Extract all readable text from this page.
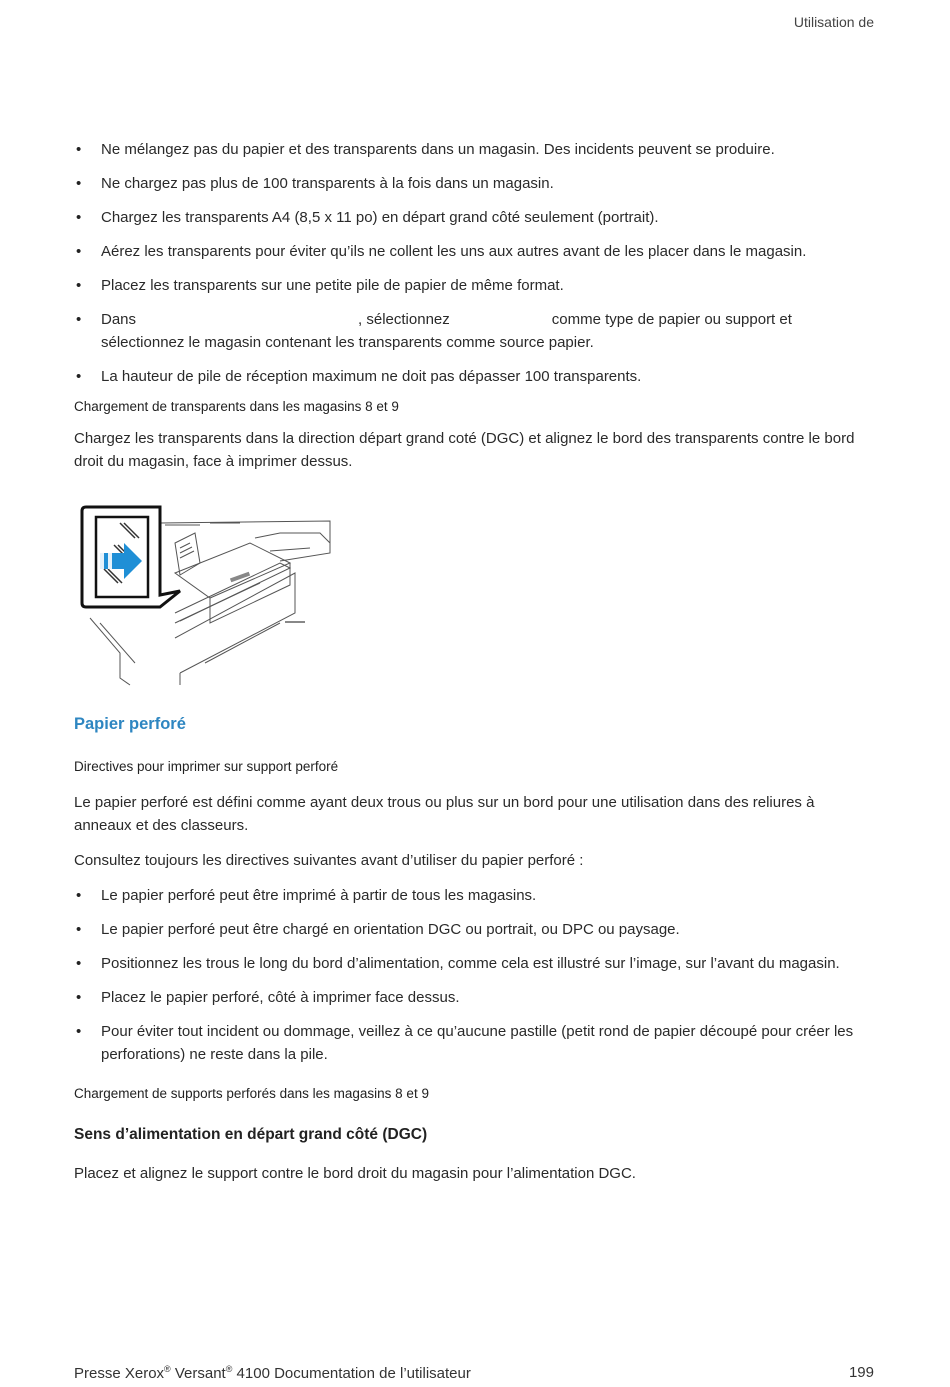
Utilisation de
• Ne mélangez pas du papier et des transparents dans un magasin. Des incidents peuvent se produire.
• Ne chargez pas plus de 100 transparents à la fois dans un magasin.
• Chargez les transparents A4 (8,5 x 11 po) en départ grand côté seulement (portrait).
• Aérez les transparents pour éviter qu’ils ne collent les uns aux autres avant de les placer dans le magasin.
• Placez les transparents sur une petite pile de papier de même format.
• Dans	, sélectionnez	comme type de papier ou support et sélectionnez le magasin contenant les transparents comme source papier.
• La hauteur de pile de réception maximum ne doit pas dépasser 100 transparents.
Chargement de transparents dans les magasins 8 et 9

Chargez les transparents dans la direction départ grand coté (DGC) et alignez le bord des transparents contre le bord droit du magasin, face à imprimer dessus.

Papier perforé
Directives pour imprimer sur support perforé

Le papier perforé est défini comme ayant deux trous ou plus sur un bord pour une utilisation dans des reliures à anneaux et des classeurs.

Consultez toujours les directives suivantes avant d’utiliser du papier perforé :

• Le papier perforé peut être imprimé à partir de tous les magasins.
• Le papier perforé peut être chargé en orientation DGC ou portrait, ou DPC ou paysage.
• Positionnez les trous le long du bord d’alimentation, comme cela est illustré sur l’image, sur l’avant du magasin.
• Placez le papier perforé, côté à imprimer face dessus.
• Pour éviter tout incident ou dommage, veillez à ce qu’aucune pastille (petit rond de papier découpé pour créer les perforations) ne reste dans la pile.
Chargement de supports perforés dans les magasins 8 et 9
Sens d’alimentation en départ grand côté (DGC)

Placez et alignez le support contre le bord droit du magasin pour l’alimentation DGC.

Presse Xerox® Versant® 4100 Documentation de l’utilisateur	199
